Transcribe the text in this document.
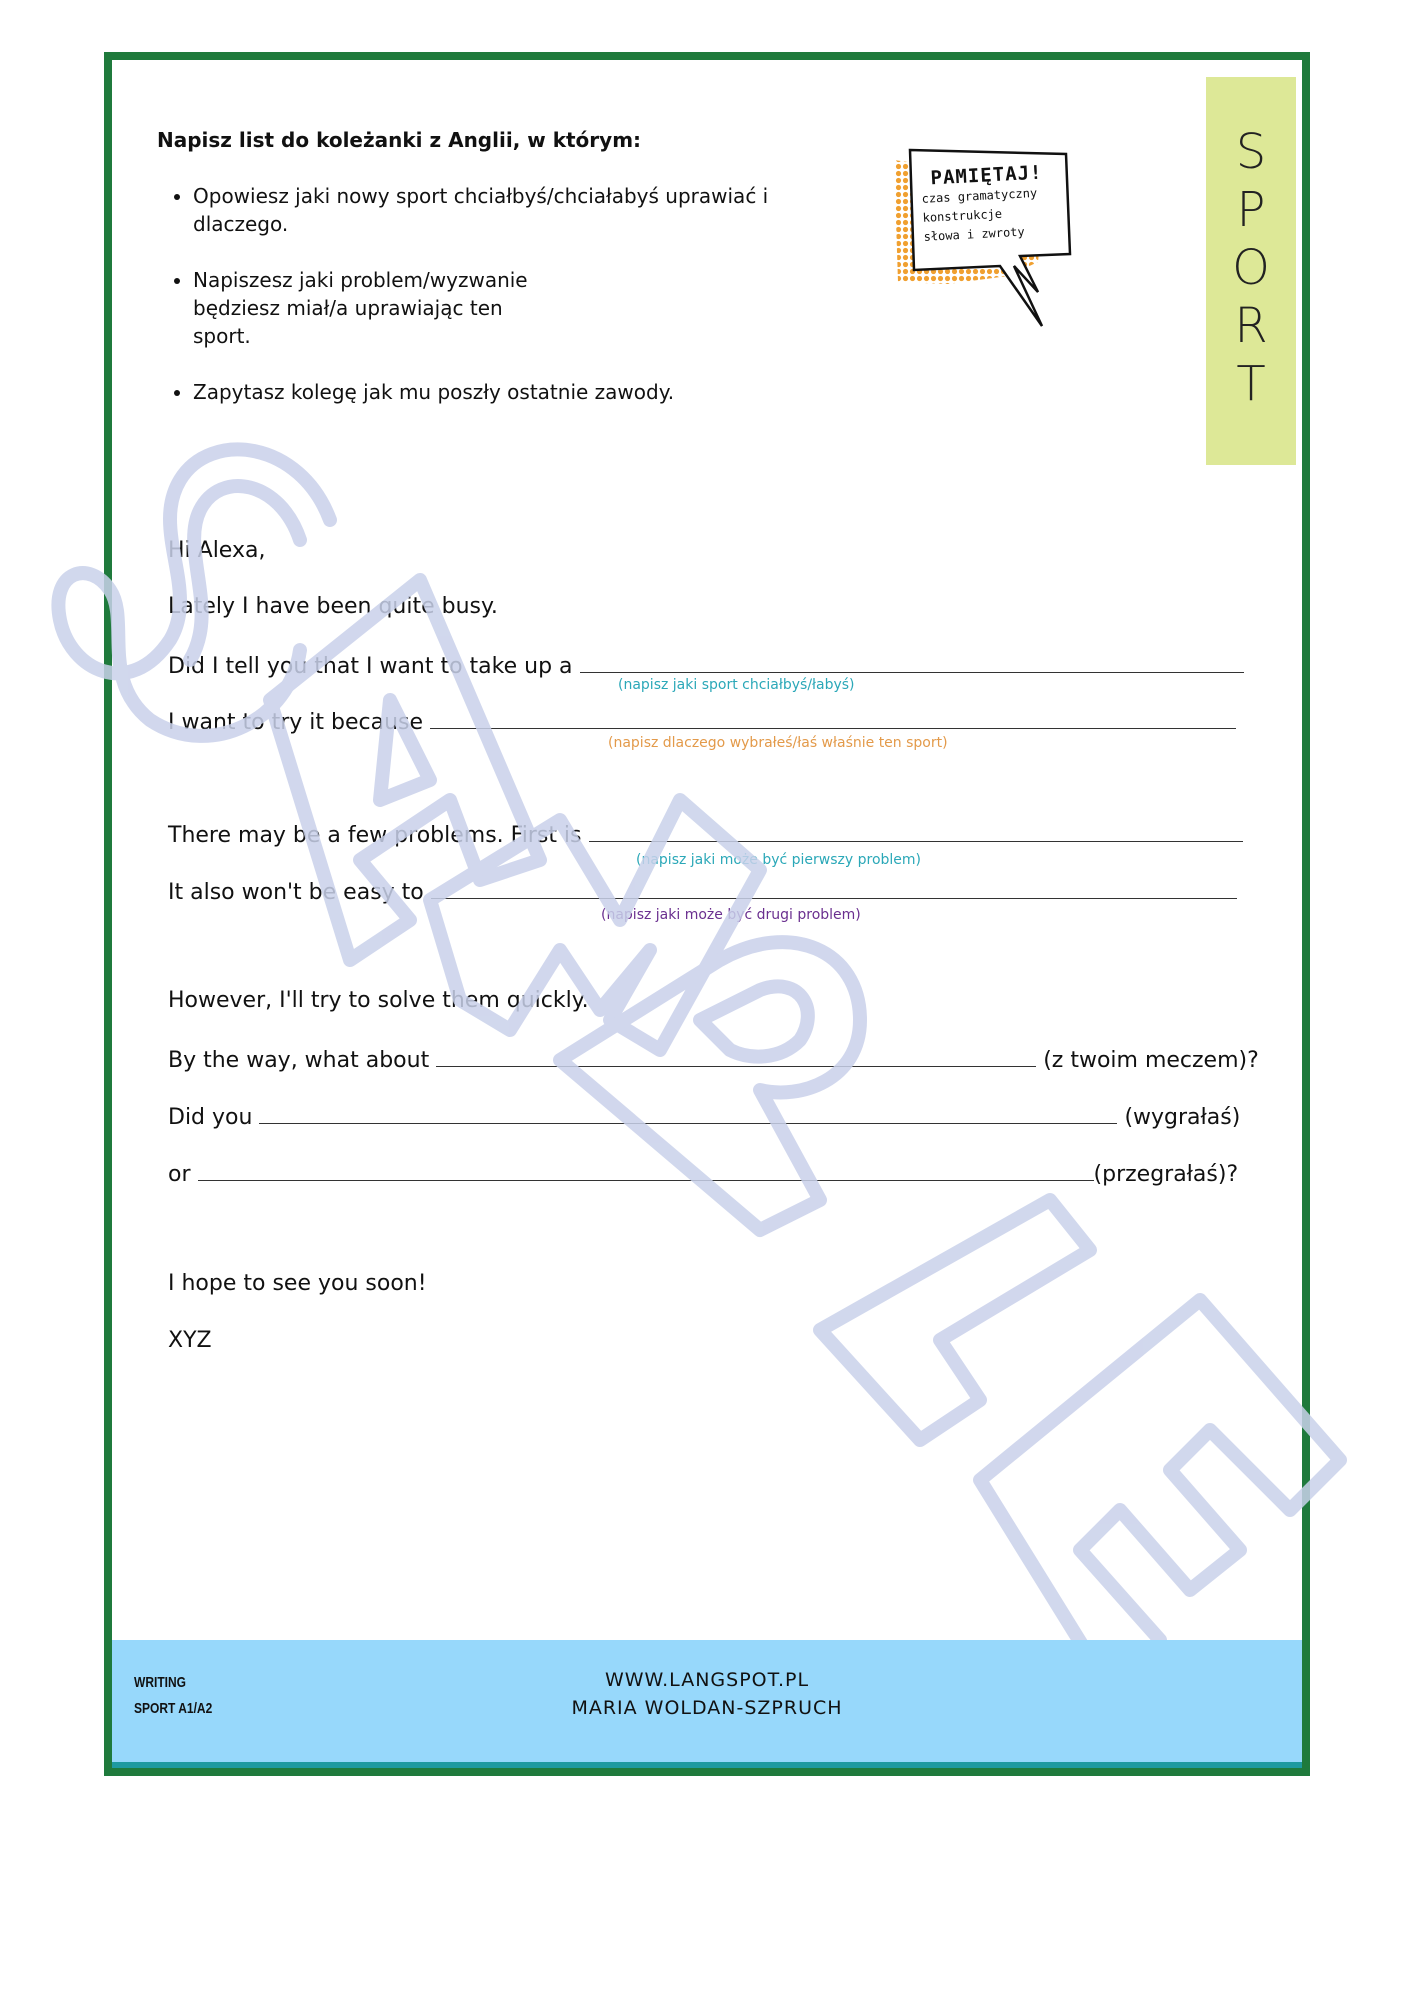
S
P
O
R
T
Napisz list do koleżanki z Anglii, w którym:
• Opowiesz jaki nowy sport chciałbyś/chciałabyś uprawiać i dlaczego.
• Napiszesz jaki problem/wyzwanie będziesz miał/a uprawiając ten sport.
• Zapytasz kolegę jak mu poszły ostatnie zawody.
PAMIĘTAJ!
czas gramatyczny
konstrukcje
słowa i zwroty
Hi Alexa,
Lately I have been quite busy.
Did I tell you that I want to take up a
(napisz jaki sport chciałbyś/łabyś)
I want to try it because
(napisz dlaczego wybrałeś/łaś właśnie ten sport)
There may be a few problems. First is
(napisz jaki może być pierwszy problem)
It also won't be easy to
(napisz jaki może być drugi problem)
However, I'll try to solve them quickly.
By the way, what about	(z twoim meczem)?
Did you	(wygrałaś)
or	(przegrałaś)?
I hope to see you soon!
XYZ
WRITING
SPORT A1/A2
WWW.LANGSPOT.PL
MARIA WOLDAN-SZPRUCH
